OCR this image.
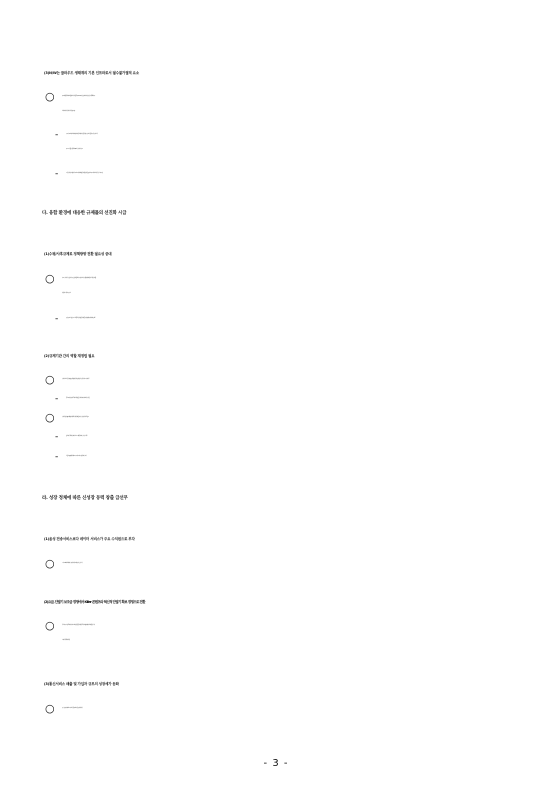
(3)N/W는 클라우드 생태계의 기본 인프라로서 필수불가결적 요소
○	N/W에 대한 투자와 진화/발전이 미진할 경우, Big Data 등의 공유와 처리가 불가능해져 클라우드
산업자체가 성립되기 어려울 수 있음
-	누구나 시간과 장소 제약 없이 다양한 디바이스를 통해 유무선 인터넷 접속이 가능하도록
N/W 고도화를 위한 투자 촉진이 무엇보다 중요
-	또한 동영상 등 대용량 실시간 트래픽의 원활한 처리를 위해 효율적인 N/W 운영과 관리 능력 등이 요구됨
다. 융합 환경에 대응한 규제틀의 선진화 시급
(1)수평/사후규제로 정책방향 전환 필요성 증대
○	주요 국가에서는 동일서비스 동일규제를 원칙으로 하여, 진입규제를 대폭 완화하고 행위규제를
강화하는 방향으로 추진
-	유럽은 ’03년, 일본은 ’04년에 통신법 개정을 통해 수평규제 및 사후규제 체제로 전환
(2)규제기관 간의 역할 재정립 필요
○	규제기관 간 관할권 충돌로 정책 불확실성 증대 및 신규 융합서비스 등장 지연
-	통신시장 이중규제, 콘텐츠 정책을 둘러싼 정부부처간의 갈등 심화
○	규제관할권 충돌 예방 및 사후 협력 내지 협의할 수 있는 절차 규정 마련 필요
-	일반적인 협력의무와 사전 또는 사후 통지의무 규정 등 마련
-	관할권 충돌 이후 협의요구, 시정조치 요구 및 협의 등 보장
라. 성장 정체에 따른 신성장 동력 창출 급선무
(1)음성 전송서비스보다 데이터 서비스가 주요 수익원으로 부각
○	스마트폰 확산에 따라 무선 데이터 수익 비중이 증가 추세
(2)요금, 단말기 보조금 경쟁에서 Killer 콘텐츠와 혁신적 단말기 확보 경쟁으로 전환
○	혁신적 UI 등 이용편의성이 강조된 단말기를 통한 다양한 콘텐츠애플리케이션에 대한 접근성
보장이 경쟁력의 핵심
(3)통신서비스 매출 및 가입자 규모의 성장세가 둔화
○	유무선 음성시장, 초고속 인터넷 시장의 포화로 성장 정체
- 3 -
